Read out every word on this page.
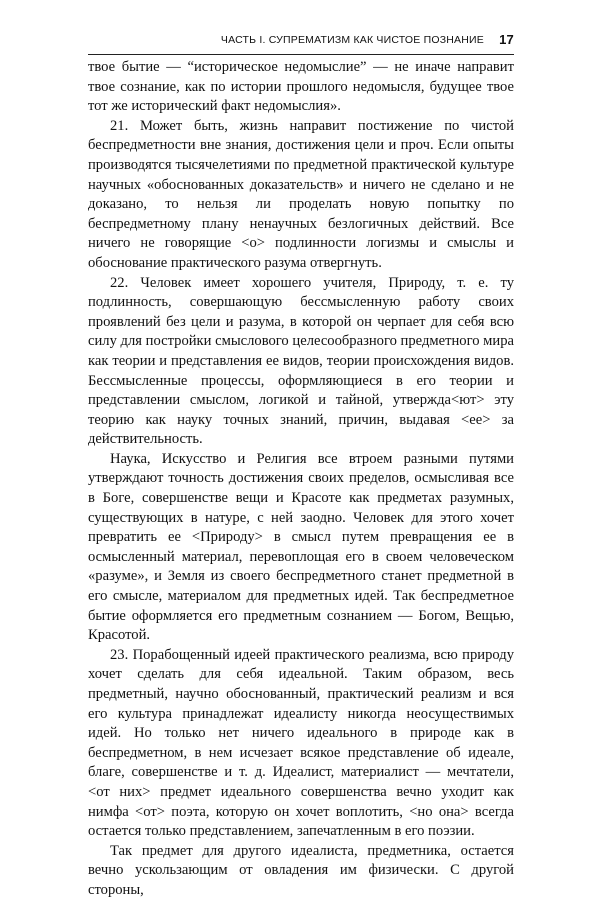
ЧАСТЬ I. СУПРЕМАТИЗМ КАК ЧИСТОЕ ПОЗНАНИЕ 17

твое бытие — “историческое недомыслие” — не иначе направит твое сознание, как по истории прошлого недомысля, будущее твое тот же исторический факт недомыслия».

21. Может быть, жизнь направит постижение по чистой беспредметности вне знания, достижения цели и проч. Если опыты производятся тысячелетиями по предметной практической культуре научных «обоснованных доказательств» и ничего не сделано и не доказано, то нельзя ли проделать новую попытку по беспредметному плану ненаучных безлогичных действий. Все ничего не говорящие <о> подлинности логизмы и смыслы и обоснование практического разума отвергнуть.

22. Человек имеет хорошего учителя, Природу, т. е. ту подлинность, совершающую бессмысленную работу своих проявлений без цели и разума, в которой он черпает для себя всю силу для постройки смыслового целесообразного предметного мира как теории и представления ее видов, теории происхождения видов. Бессмысленные процессы, оформляющиеся в его теории и представлении смыслом, логикой и тайной, утвержда<ют> эту теорию как науку точных знаний, причин, выдавая <ее> за действительность.

Наука, Искусство и Религия все втроем разными путями утверждают точность достижения своих пределов, осмысливая все в Боге, совершенстве вещи и Красоте как предметах разумных, существующих в натуре, с ней заодно. Человек для этого хочет превратить ее <Природу> в смысл путем превращения ее в осмысленный материал, перевоплощая его в своем человеческом «разуме», и Земля из своего беспредметного станет предметной в его смысле, материалом для предметных идей. Так беспредметное бытие оформляется его предметным сознанием — Богом, Вещью, Красотой.

23. Порабощенный идеей практического реализма, всю природу хочет сделать для себя идеальной. Таким образом, весь предметный, научно обоснованный, практический реализм и вся его культура принадлежат идеалисту никогда неосуществимых идей. Но только нет ничего идеального в природе как в беспредметном, в нем исчезает всякое представление об идеале, благе, совершенстве и т. д. Идеалист, материалист — мечтатели, <от них> предмет идеального совершенства вечно уходит как нимфа <от> поэта, которую он хочет воплотить, <но она> всегда остается только представлением, запечатленным в его поэзии.

Так предмет для другого идеалиста, предметника, остается вечно ускользающим от овладения им физически. С другой стороны,
